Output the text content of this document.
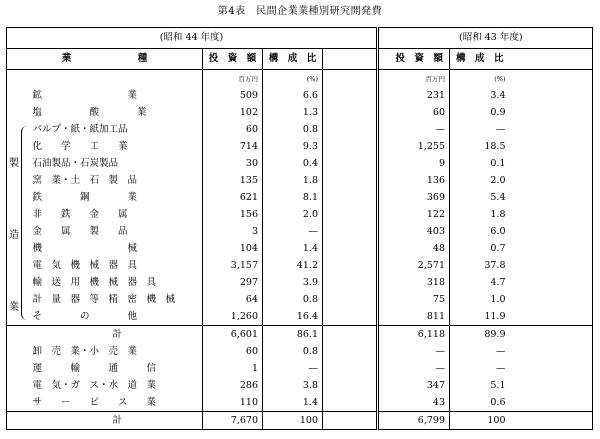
第4表　民間企業業種別研究開発費
(昭和 44 年度)						(昭和 43 年度)		
業　　　　　　　種		投　資　額	構　成　比			投　資　額	構　成　比	
		百万円	(%)			百万円	(%)	
	鉱　　　　　　　　　業	509	6.6			231	3.4	
	塩　　　　　酸　　　　業	102	1.3			60	0.9	

製
造
業	パルプ・紙・紙加工品	60	0.8			—	—	
	化　　学　　工　　業	714	9.3			1,255	18.5	
	石油製品・石炭製品	30	0.4			9	0.1	
	窯　業・土　石　製　品	135	1.8			136	2.0	
	鉄　　　　鋼　　　　業	621	8.1			369	5.4	
	非　　鉄　　金　　属	156	2.0			122	1.8	
	金　　属　　製　　品	3	—			403	6.0	
	機　　　　　　　　　械	104	1.4			48	0.7	
	電　気　機　械　器　具	3,157	41.2			2,571	37.8	
	輸　送　用　機　械　器　具	297	3.9			318	4.7	
	計　量　器　等　精　密　機　械	64	0.8			75	1.0	
	そ　　　　の　　　　他	1,260	16.4			811	11.9	
	計	6,601	86.1			6,118	89.9	
	卸　売　業・小　売　業	60	0.8			—	—	
	運　　　輸　　　通　　　信	1	—			—	—	
	電　気・ガ　ス・水　道　業	286	3.8			347	5.1	
	サ　　ー　　ビ　　ス　　業	110	1.4			43	0.6	
	計	7,670	100			6,799	100	
